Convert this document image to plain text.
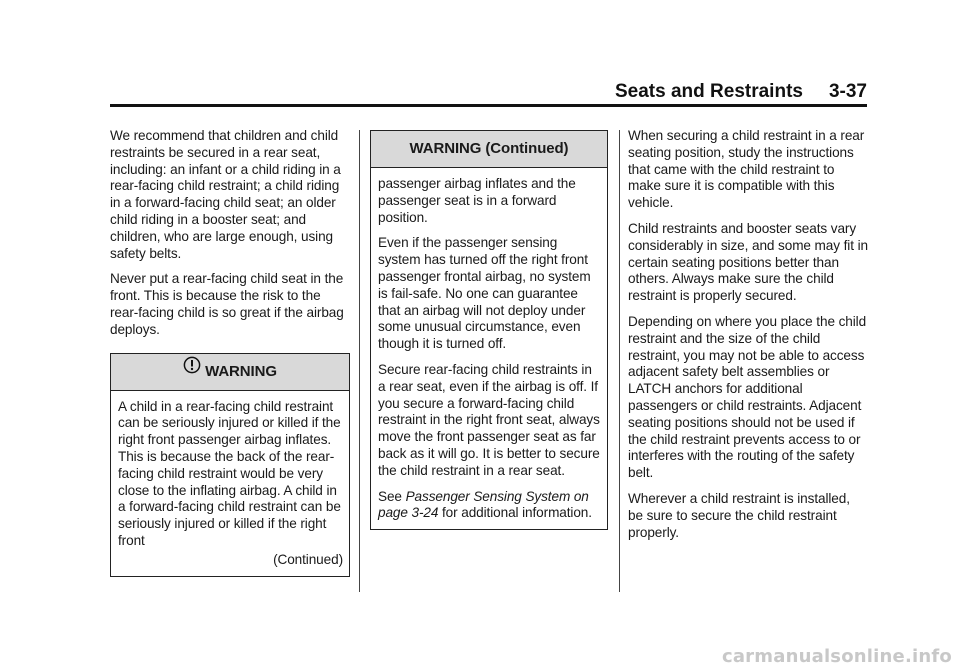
Seats and Restraints 3-37

We recommend that children and child restraints be secured in a rear seat, including: an infant or a child riding in a rear-facing child restraint; a child riding in a forward-facing child seat; an older child riding in a booster seat; and children, who are large enough, using safety belts.

Never put a rear-facing child seat in the front. This is because the risk to the rear-facing child is so great if the airbag deploys.

WARNING
A child in a rear-facing child restraint can be seriously injured or killed if the right front passenger airbag inflates. This is because the back of the rear-facing child restraint would be very close to the inflating airbag. A child in a forward-facing child restraint can be seriously injured or killed if the right front
(Continued)
WARNING (Continued)

passenger airbag inflates and the passenger seat is in a forward position.

Even if the passenger sensing system has turned off the right front passenger frontal airbag, no system is fail-safe. No one can guarantee that an airbag will not deploy under some unusual circumstance, even though it is turned off.

Secure rear-facing child restraints in a rear seat, even if the airbag is off. If you secure a forward-facing child restraint in the right front seat, always move the front passenger seat as far back as it will go. It is better to secure the child restraint in a rear seat.

See Passenger Sensing System on page 3-24 for additional information.

When securing a child restraint in a rear seating position, study the instructions that came with the child restraint to make sure it is compatible with this vehicle.

Child restraints and booster seats vary considerably in size, and some may fit in certain seating positions better than others. Always make sure the child restraint is properly secured.

Depending on where you place the child restraint and the size of the child restraint, you may not be able to access adjacent safety belt assemblies or LATCH anchors for additional passengers or child restraints. Adjacent seating positions should not be used if the child restraint prevents access to or interferes with the routing of the safety belt.

Wherever a child restraint is installed, be sure to secure the child restraint properly.

carmanualsonline.info
